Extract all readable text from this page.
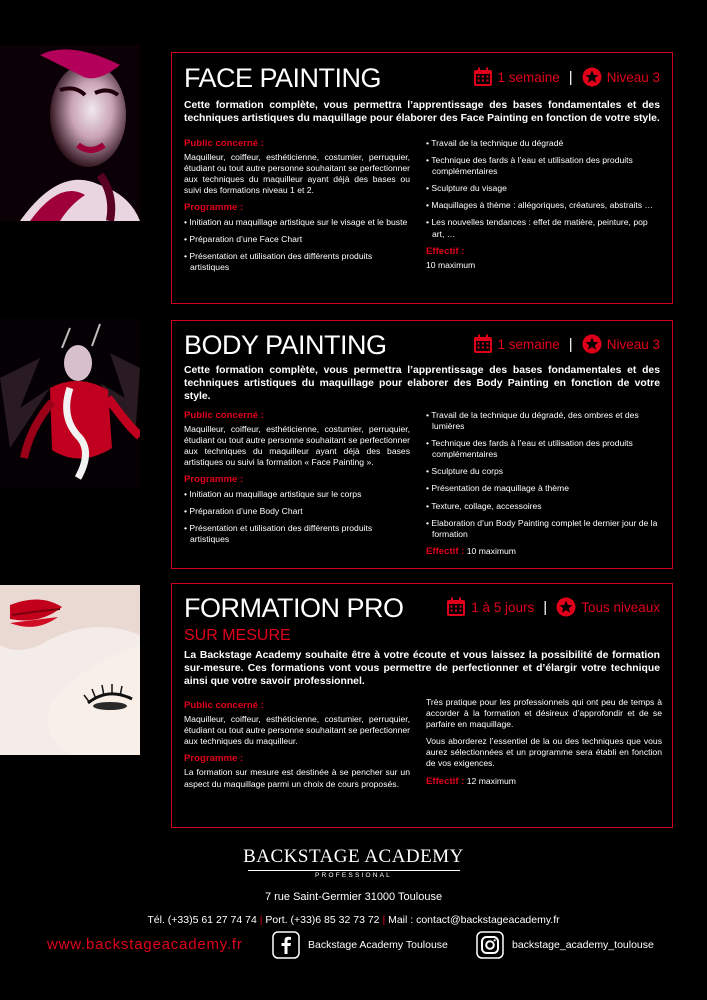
FACE PAINTING	1 semaine |	Niveau 3
Cette formation complète, vous permettra l’apprentissage des bases fondamentales et des techniques artistiques du maquillage pour élaborer des Face Painting en fonction de votre style.
Public concerné :
Maquilleur, coiffeur, esthéticienne, costumier, perruquier, étudiant ou tout autre personne souhaitant se perfectionner aux techniques du maquilleur ayant déjà des bases ou suivi des formations niveau 1 et 2.
Programme :
• Initiation au maquillage artistique sur le visage et le buste
• Préparation d’une Face Chart
• Présentation et utilisation des différents produits artistiques
• Travail de la technique du dégradé
• Technique des fards à l’eau et utilisation des produits complémentaires
• Sculpture du visage
• Maquillages à thème : allégoriques, créatures, abstraits …
• Les nouvelles tendances : effet de matière, peinture, pop art, …
Effectif :
10 maximum
BODY PAINTING	1 semaine |	Niveau 3
Cette formation complète, vous permettra l’apprentissage des bases fondamentales et des techniques artistiques du maquillage pour elaborer des Body Painting en fonction de votre style.
Public concerné :
Maquilleur, coiffeur, esthéticienne, costumier, perruquier, étudiant ou tout autre personne souhaitant se perfectionner aux techniques du maquilleur ayant déjà des bases artistiques ou suivi la formation « Face Painting ».
Programme :
• Initiation au maquillage artistique sur le corps
• Préparation d’une Body Chart
• Présentation et utilisation des différents produits artistiques
• Travail de la technique du dégradé, des ombres et des lumières
• Technique des fards à l’eau et utilisation des produits complémentaires
• Sculpture du corps
• Présentation de maquillage à thème
• Texture, collage, accessoires
• Elaboration d’un Body Painting complet le dernier jour de la formation
Effectif : 10 maximum
FORMATION PRO
SUR MESURE
1 à 5 jours |	Tous niveaux
La Backstage Academy souhaite être à votre écoute et vous laissez la possibilité de formation sur-mesure. Ces formations vont vous permettre de perfectionner et d’élargir votre technique ainsi que votre savoir professionnel.
Public concerné :
Maquilleur, coiffeur, esthéticienne, costumier, perruquier, étudiant ou tout autre personne souhaitant se perfectionner aux techniques du maquilleur.
Programme :
La formation sur mesure est destinée à se pencher sur un aspect du maquillage parmi un choix de cours proposés.
Très pratique pour les professionnels qui ont peu de temps à accorder à la formation et désireux d’approfondir et de se parfaire en maquillage.
Vous aborderez l’essentiel de la ou des techniques que vous aurez sélectionnées et un programme sera établi en fonction de vos exigences.
Effectif : 12 maximum
BACKSTAGE ACADEMY
PROFESSIONAL
7 rue Saint-Germier 31000 Toulouse
Tél. (+33)5 61 27 74 74 | Port. (+33)6 85 32 73 72 | Mail : contact@backstageacademy.fr
www.backstageacademy.fr	Backstage Academy Toulouse	backstage_academy_toulouse
